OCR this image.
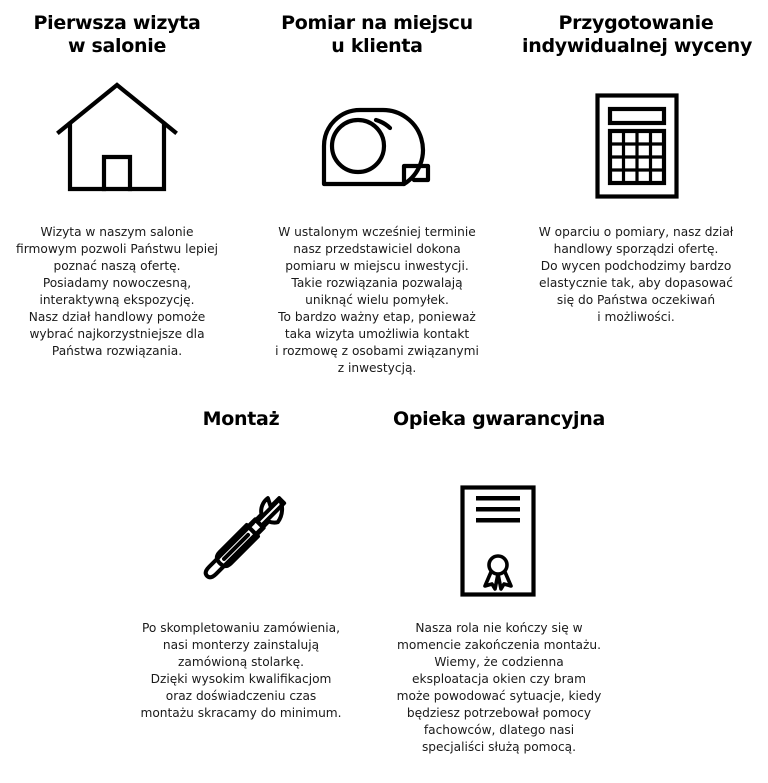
Pierwsza wizyta
w salonie
Wizyta w naszym salonie
firmowym pozwoli Państwu lepiej
poznać naszą ofertę.
Posiadamy nowoczesną,
interaktywną ekspozycję.
Nasz dział handlowy pomoże
wybrać najkorzystniejsze dla
Państwa rozwiązania.
Pomiar na miejscu
u klienta
W ustalonym wcześniej terminie
nasz przedstawiciel dokona
pomiaru w miejscu inwestycji.
Takie rozwiązania pozwalają
uniknąć wielu pomyłek.
To bardzo ważny etap, ponieważ
taka wizyta umożliwia kontakt
i rozmowę z osobami związanymi
z inwestycją.
Przygotowanie
indywidualnej wyceny
W oparciu o pomiary, nasz dział
handlowy sporządzi ofertę.
Do wycen podchodzimy bardzo
elastycznie tak, aby dopasować
się do Państwa oczekiwań
i możliwości.
Montaż
Po skompletowaniu zamówienia,
nasi monterzy zainstalują
zamówioną stolarkę.
Dzięki wysokim kwalifikacjom
oraz doświadczeniu czas
montażu skracamy do minimum.
Opieka gwarancyjna
Nasza rola nie kończy się w
momencie zakończenia montażu.
Wiemy, że codzienna
eksploatacja okien czy bram
może powodować sytuacje, kiedy
będziesz potrzebował pomocy
fachowców, dlatego nasi
specjaliści służą pomocą.
